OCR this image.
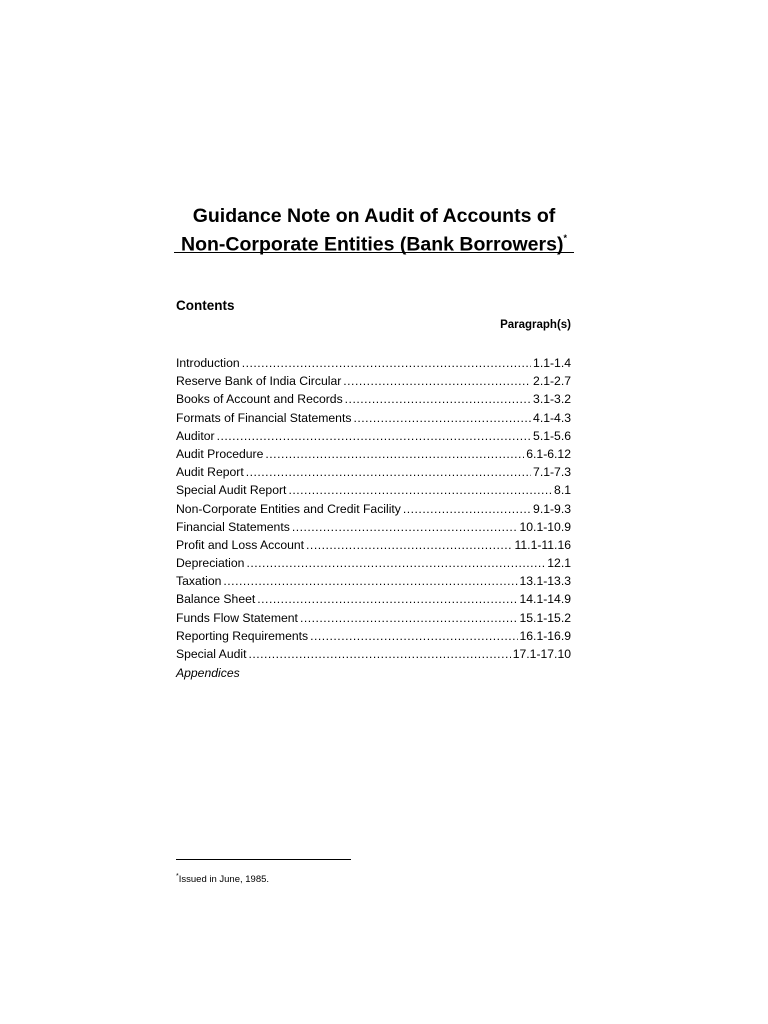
Guidance Note on Audit of Accounts of
Non-Corporate Entities (Bank Borrowers)*
Contents
Paragraph(s)
Introduction .....	1.1-1.4
Reserve Bank of India Circular .....	2.1-2.7
Books of Account and Records .....	3.1-3.2
Formats of Financial Statements .....	4.1-4.3
Auditor .....	5.1-5.6
Audit Procedure .....	6.1-6.12
Audit Report .....	7.1-7.3
Special Audit Report .....	8.1
Non-Corporate Entities and Credit Facility .....	9.1-9.3
Financial Statements .....	10.1-10.9
Profit and Loss Account .....	11.1-11.16
Depreciation .....	12.1
Taxation .....	13.1-13.3
Balance Sheet .....	14.1-14.9
Funds Flow Statement .....	15.1-15.2
Reporting Requirements .....	16.1-16.9
Special Audit .....	17.1-17.10
Appendices
*Issued in June, 1985.
